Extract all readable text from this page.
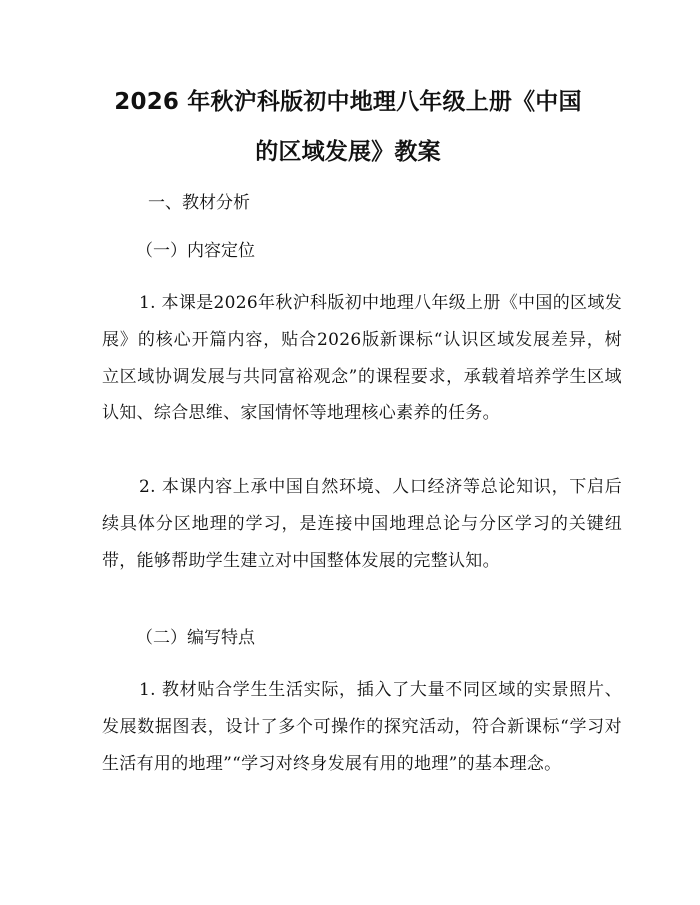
2026 年秋沪科版初中地理八年级上册《中国
的区域发展》教案
一、教材分析
（一）内容定位

1. 本课是2026年秋沪科版初中地理八年级上册《中国的区域发展》的核心开篇内容，贴合2026版新课标“认识区域发展差异，树立区域协调发展与共同富裕观念”的课程要求，承载着培养学生区域认知、综合思维、家国情怀等地理核心素养的任务。

2. 本课内容上承中国自然环境、人口经济等总论知识，下启后续具体分区地理的学习，是连接中国地理总论与分区学习的关键纽带，能够帮助学生建立对中国整体发展的完整认知。

（二）编写特点

1. 教材贴合学生生活实际，插入了大量不同区域的实景照片、发展数据图表，设计了多个可操作的探究活动，符合新课标“学习对生活有用的地理”“学习对终身发展有用的地理”的基本理念。
